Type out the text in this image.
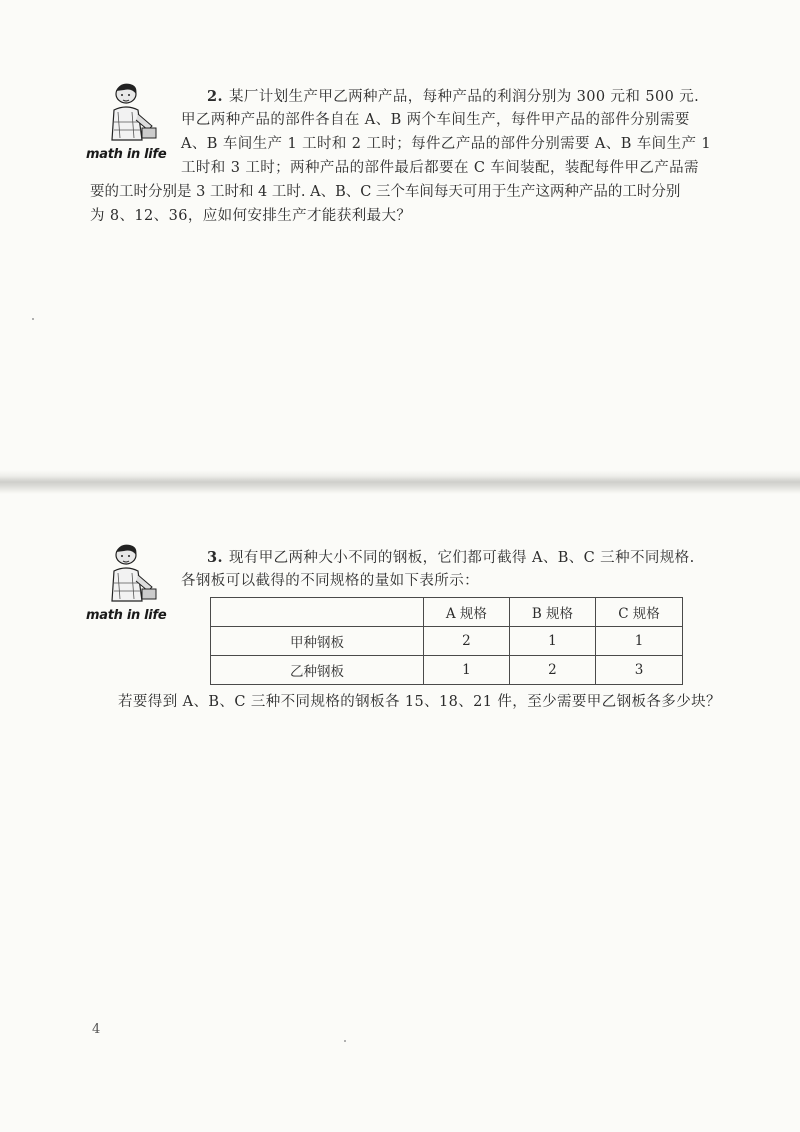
math in life
2. 某厂计划生产甲乙两种产品，每种产品的利润分别为 300 元和 500 元.
甲乙两种产品的部件各自在 A、B 两个车间生产，每件甲产品的部件分别需要
A、B 车间生产 1 工时和 2 工时；每件乙产品的部件分别需要 A、B 车间生产 1
工时和 3 工时；两种产品的部件最后都要在 C 车间装配，装配每件甲乙产品需
要的工时分别是 3 工时和 4 工时. A、B、C 三个车间每天可用于生产这两种产品的工时分别
为 8、12、36，应如何安排生产才能获利最大？
math in life
3. 现有甲乙两种大小不同的钢板，它们都可截得 A、B、C 三种不同规格.
各钢板可以截得的不同规格的量如下表所示：
	A 规格	B 规格	C 规格
甲种钢板	2	1	1
乙种钢板	1	2	3
若要得到 A、B、C 三种不同规格的钢板各 15、18、21 件，至少需要甲乙钢板各多少块？
4
